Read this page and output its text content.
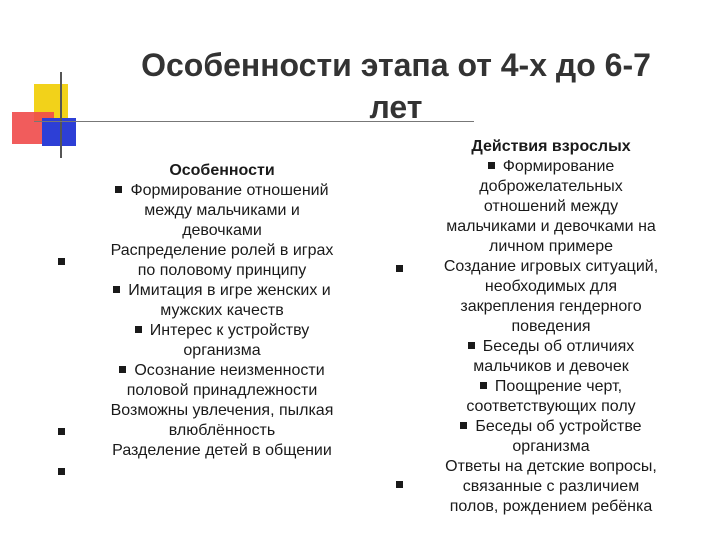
Особенности этапа от 4-х до 6-7
лет
Особенности
Формирование отношений
между мальчиками и
девочками
Распределение ролей в играх
по половому принципу
Имитация в игре женских и
мужских качеств
Интерес к устройству
организма
Осознание неизменности
половой принадлежности
Возможны увлечения, пылкая
влюблённость
Разделение детей в общении
Действия взрослых
Формирование
доброжелательных
отношений между
мальчиками и девочками на
личном примере
Создание игровых ситуаций,
необходимых для
закрепления гендерного
поведения
Беседы об отличиях
мальчиков и девочек
Поощрение черт,
соответствующих полу
Беседы об устройстве
организма
Ответы на детские вопросы,
связанные с различием
полов, рождением ребёнка
